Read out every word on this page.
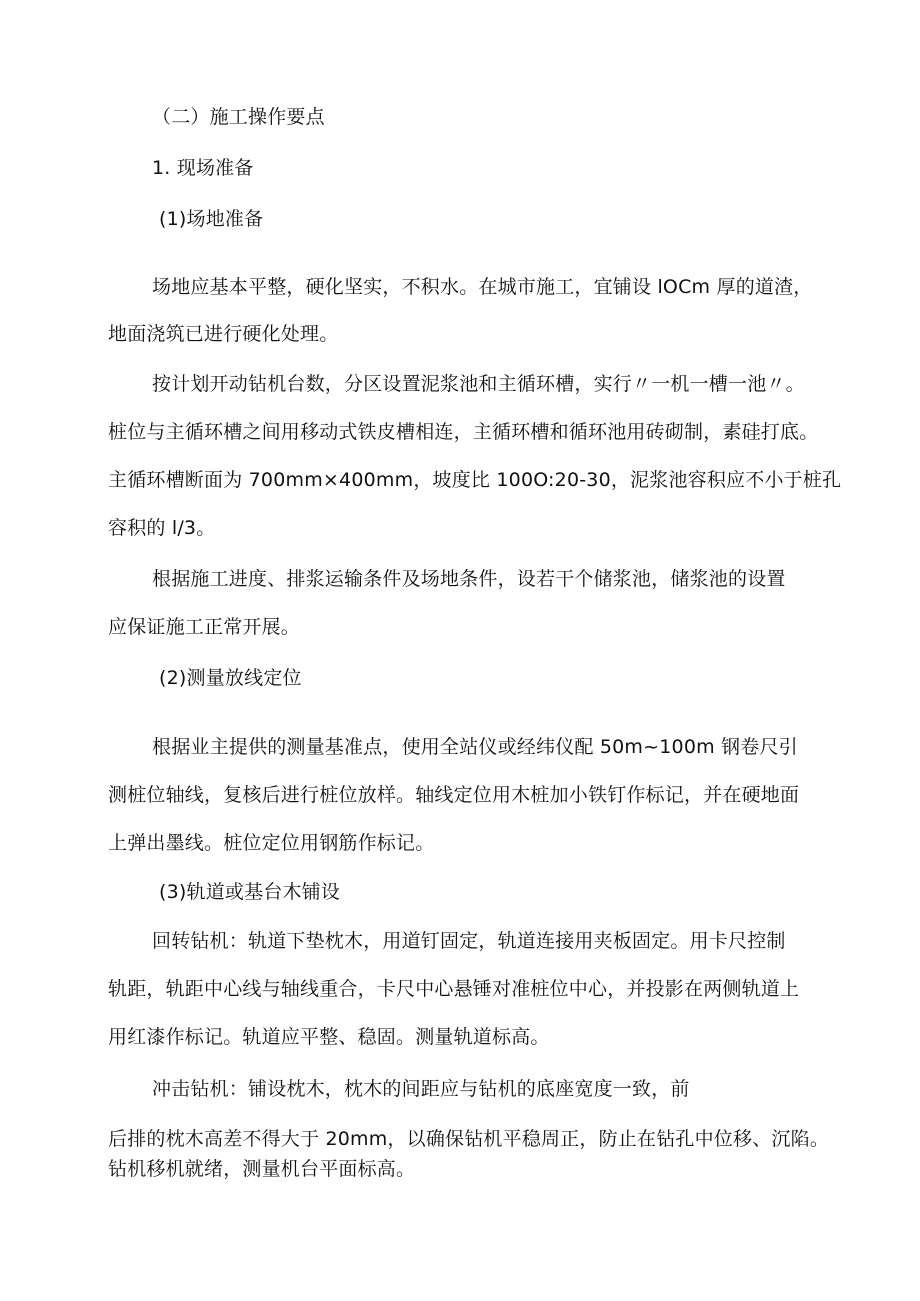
（二）施工操作要点
1. 现场准备
(1)场地准备
场地应基本平整，硬化坚实，不积水。在城市施工，宜铺设 lOCm 厚的道渣，
地面浇筑已进行硬化处理。
按计划开动钻机台数，分区设置泥浆池和主循环槽，实行〃一机一槽一池〃。
桩位与主循环槽之间用移动式铁皮槽相连，主循环槽和循环池用砖砌制，素硅打底。
主循环槽断面为 700mm×400mm，坡度比 100O:20-30，泥浆池容积应不小于桩孔
容积的 l/3。
根据施工进度、排浆运输条件及场地条件，设若干个储浆池，储浆池的设置
应保证施工正常开展。
(2)测量放线定位
根据业主提供的测量基准点，使用全站仪或经纬仪配 50m~100m 钢卷尺引
测桩位轴线，复核后进行桩位放样。轴线定位用木桩加小铁钉作标记，并在硬地面
上弹出墨线。桩位定位用钢筋作标记。
(3)轨道或基台木铺设
回转钻机：轨道下垫枕木，用道钉固定，轨道连接用夹板固定。用卡尺控制
轨距，轨距中心线与轴线重合，卡尺中心悬锤对准桩位中心，并投影在两侧轨道上
用红漆作标记。轨道应平整、稳固。测量轨道标高。
冲击钻机：铺设枕木，枕木的间距应与钻机的底座宽度一致，前
后排的枕木高差不得大于 20mm，以确保钻机平稳周正，防止在钻孔中位移、沉陷。
钻机移机就绪，测量机台平面标高。
